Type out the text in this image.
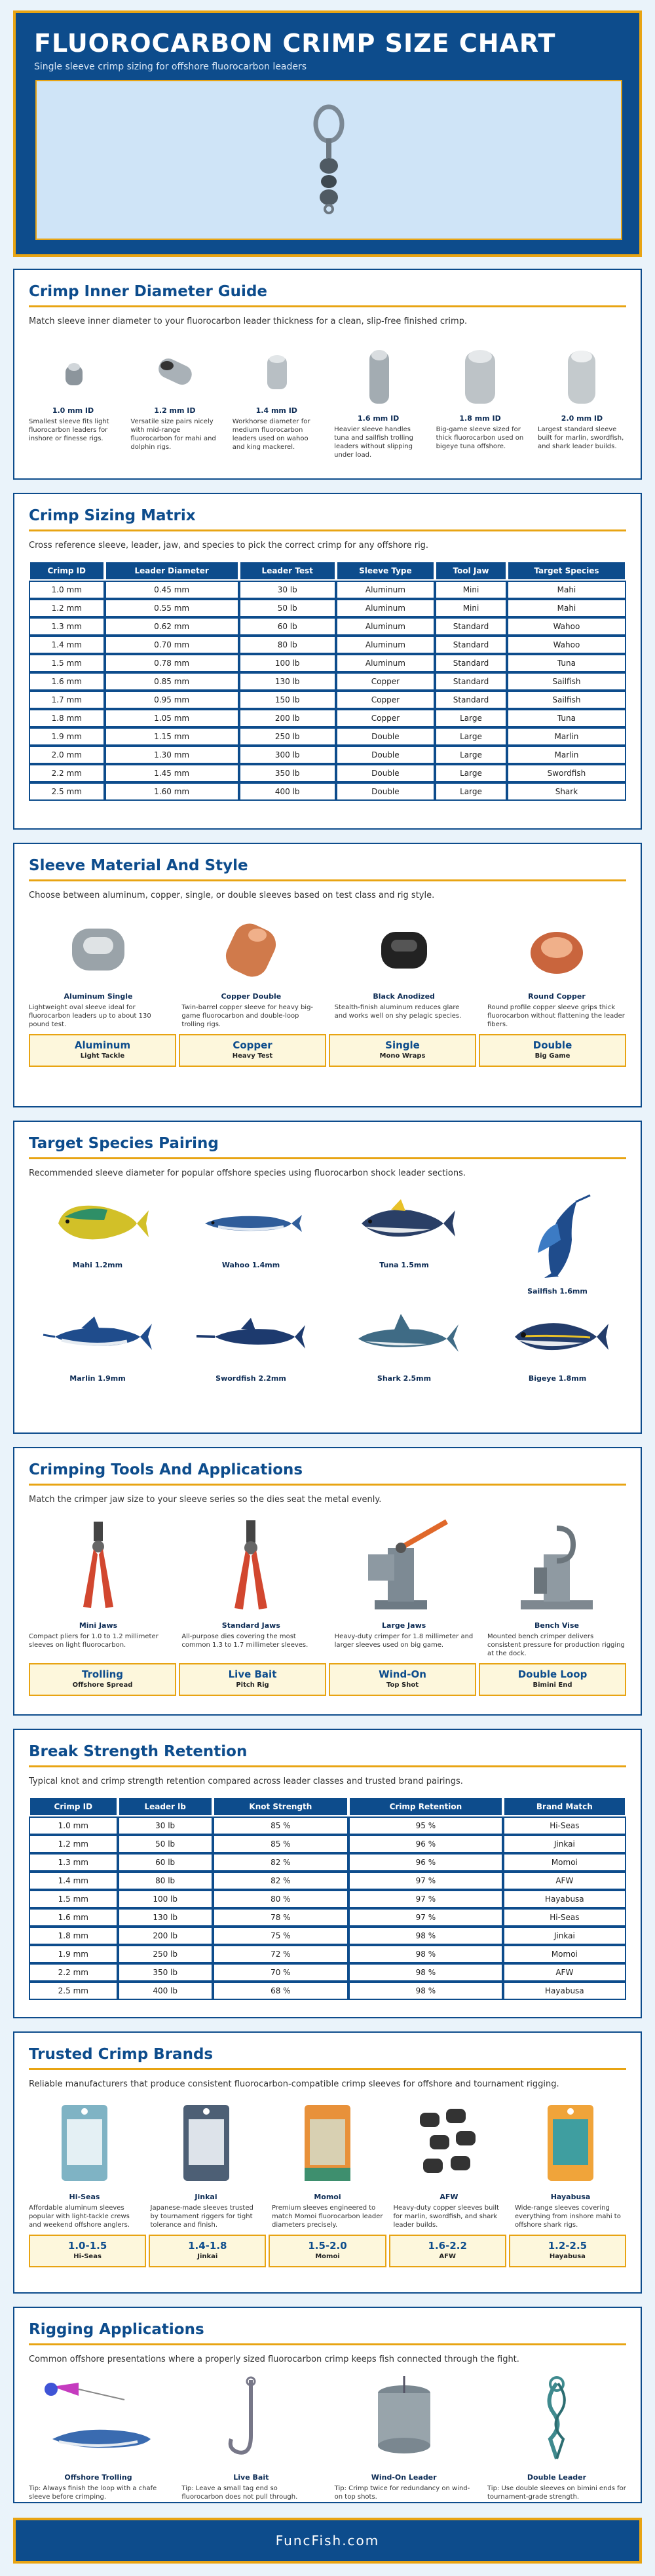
FLUOROCARBON CRIMP SIZE CHART
Single sleeve crimp sizing for offshore fluorocarbon leaders
Crimp Inner Diameter Guide
Match sleeve inner diameter to your fluorocarbon leader thickness for a clean, slip-free finished crimp.
1.0 mm ID
Smallest sleeve fits light fluorocarbon leaders for inshore or finesse rigs.
1.2 mm ID
Versatile size pairs nicely with mid-range fluorocarbon for mahi and dolphin rigs.
1.4 mm ID
Workhorse diameter for medium fluorocarbon leaders used on wahoo and king mackerel.
1.6 mm ID
Heavier sleeve handles tuna and sailfish trolling leaders without slipping under load.
1.8 mm ID
Big-game sleeve sized for thick fluorocarbon used on bigeye tuna offshore.
2.0 mm ID
Largest standard sleeve built for marlin, swordfish, and shark leader builds.
Crimp Sizing Matrix
Cross reference sleeve, leader, jaw, and species to pick the correct crimp for any offshore rig.
Crimp ID	Leader Diameter	Leader Test	Sleeve Type	Tool Jaw	Target Species
1.0 mm	0.45 mm	30 lb	Aluminum	Mini	Mahi
1.2 mm	0.55 mm	50 lb	Aluminum	Mini	Mahi
1.3 mm	0.62 mm	60 lb	Aluminum	Standard	Wahoo
1.4 mm	0.70 mm	80 lb	Aluminum	Standard	Wahoo
1.5 mm	0.78 mm	100 lb	Aluminum	Standard	Tuna
1.6 mm	0.85 mm	130 lb	Copper	Standard	Sailfish
1.7 mm	0.95 mm	150 lb	Copper	Standard	Sailfish
1.8 mm	1.05 mm	200 lb	Copper	Large	Tuna
1.9 mm	1.15 mm	250 lb	Double	Large	Marlin
2.0 mm	1.30 mm	300 lb	Double	Large	Marlin
2.2 mm	1.45 mm	350 lb	Double	Large	Swordfish
2.5 mm	1.60 mm	400 lb	Double	Large	Shark
Sleeve Material And Style
Choose between aluminum, copper, single, or double sleeves based on test class and rig style.
Aluminum Single
Lightweight oval sleeve ideal for fluorocarbon leaders up to about 130 pound test.
Copper Double
Twin-barrel copper sleeve for heavy big-game fluorocarbon and double-loop trolling rigs.
Black Anodized
Stealth-finish aluminum reduces glare and works well on shy pelagic species.
Round Copper
Round profile copper sleeve grips thick fluorocarbon without flattening the leader fibers.
Aluminum
Light Tackle
Copper
Heavy Test
Single
Mono Wraps
Double
Big Game
Target Species Pairing
Recommended sleeve diameter for popular offshore species using fluorocarbon shock leader sections.
Mahi 1.2mm	Wahoo 1.4mm	Tuna 1.5mm
Sailfish 1.6mm
Marlin 1.9mm	Swordfish 2.2mm	Shark 2.5mm	Bigeye 1.8mm
Crimping Tools And Applications
Match the crimper jaw size to your sleeve series so the dies seat the metal evenly.
Mini Jaws
Compact pliers for 1.0 to 1.2 millimeter sleeves on light fluorocarbon.
Standard Jaws
All-purpose dies covering the most common 1.3 to 1.7 millimeter sleeves.
Large Jaws
Heavy-duty crimper for 1.8 millimeter and larger sleeves used on big game.
Bench Vise
Mounted bench crimper delivers consistent pressure for production rigging at the dock.
Trolling
Offshore Spread
Live Bait
Pitch Rig
Wind-On
Top Shot
Double Loop
Bimini End
Break Strength Retention
Typical knot and crimp strength retention compared across leader classes and trusted brand pairings.
Crimp ID	Leader lb	Knot Strength	Crimp Retention	Brand Match
1.0 mm	30 lb	85 %	95 %	Hi-Seas
1.2 mm	50 lb	85 %	96 %	Jinkai
1.3 mm	60 lb	82 %	96 %	Momoi
1.4 mm	80 lb	82 %	97 %	AFW
1.5 mm	100 lb	80 %	97 %	Hayabusa
1.6 mm	130 lb	78 %	97 %	Hi-Seas
1.8 mm	200 lb	75 %	98 %	Jinkai
1.9 mm	250 lb	72 %	98 %	Momoi
2.2 mm	350 lb	70 %	98 %	AFW
2.5 mm	400 lb	68 %	98 %	Hayabusa
Trusted Crimp Brands
Reliable manufacturers that produce consistent fluorocarbon-compatible crimp sleeves for offshore and tournament rigging.
Hi-Seas
Affordable aluminum sleeves popular with light-tackle crews and weekend offshore anglers.
Jinkai
Japanese-made sleeves trusted by tournament riggers for tight tolerance and finish.
Momoi
Premium sleeves engineered to match Momoi fluorocarbon leader diameters precisely.
AFW
Heavy-duty copper sleeves built for marlin, swordfish, and shark leader builds.
Hayabusa
Wide-range sleeves covering everything from inshore mahi to offshore shark rigs.
1.0-1.5
Hi-Seas
1.4-1.8
Jinkai
1.5-2.0
Momoi
1.6-2.2
AFW
1.2-2.5
Hayabusa
Rigging Applications
Common offshore presentations where a properly sized fluorocarbon crimp keeps fish connected through the fight.
Offshore Trolling
Tip: Always finish the loop with a chafe sleeve before crimping.
Live Bait
Tip: Leave a small tag end so fluorocarbon does not pull through.
Wind-On Leader
Tip: Crimp twice for redundancy on wind-on top shots.
Double Leader
Tip: Use double sleeves on bimini ends for tournament-grade strength.
FuncFish.com
